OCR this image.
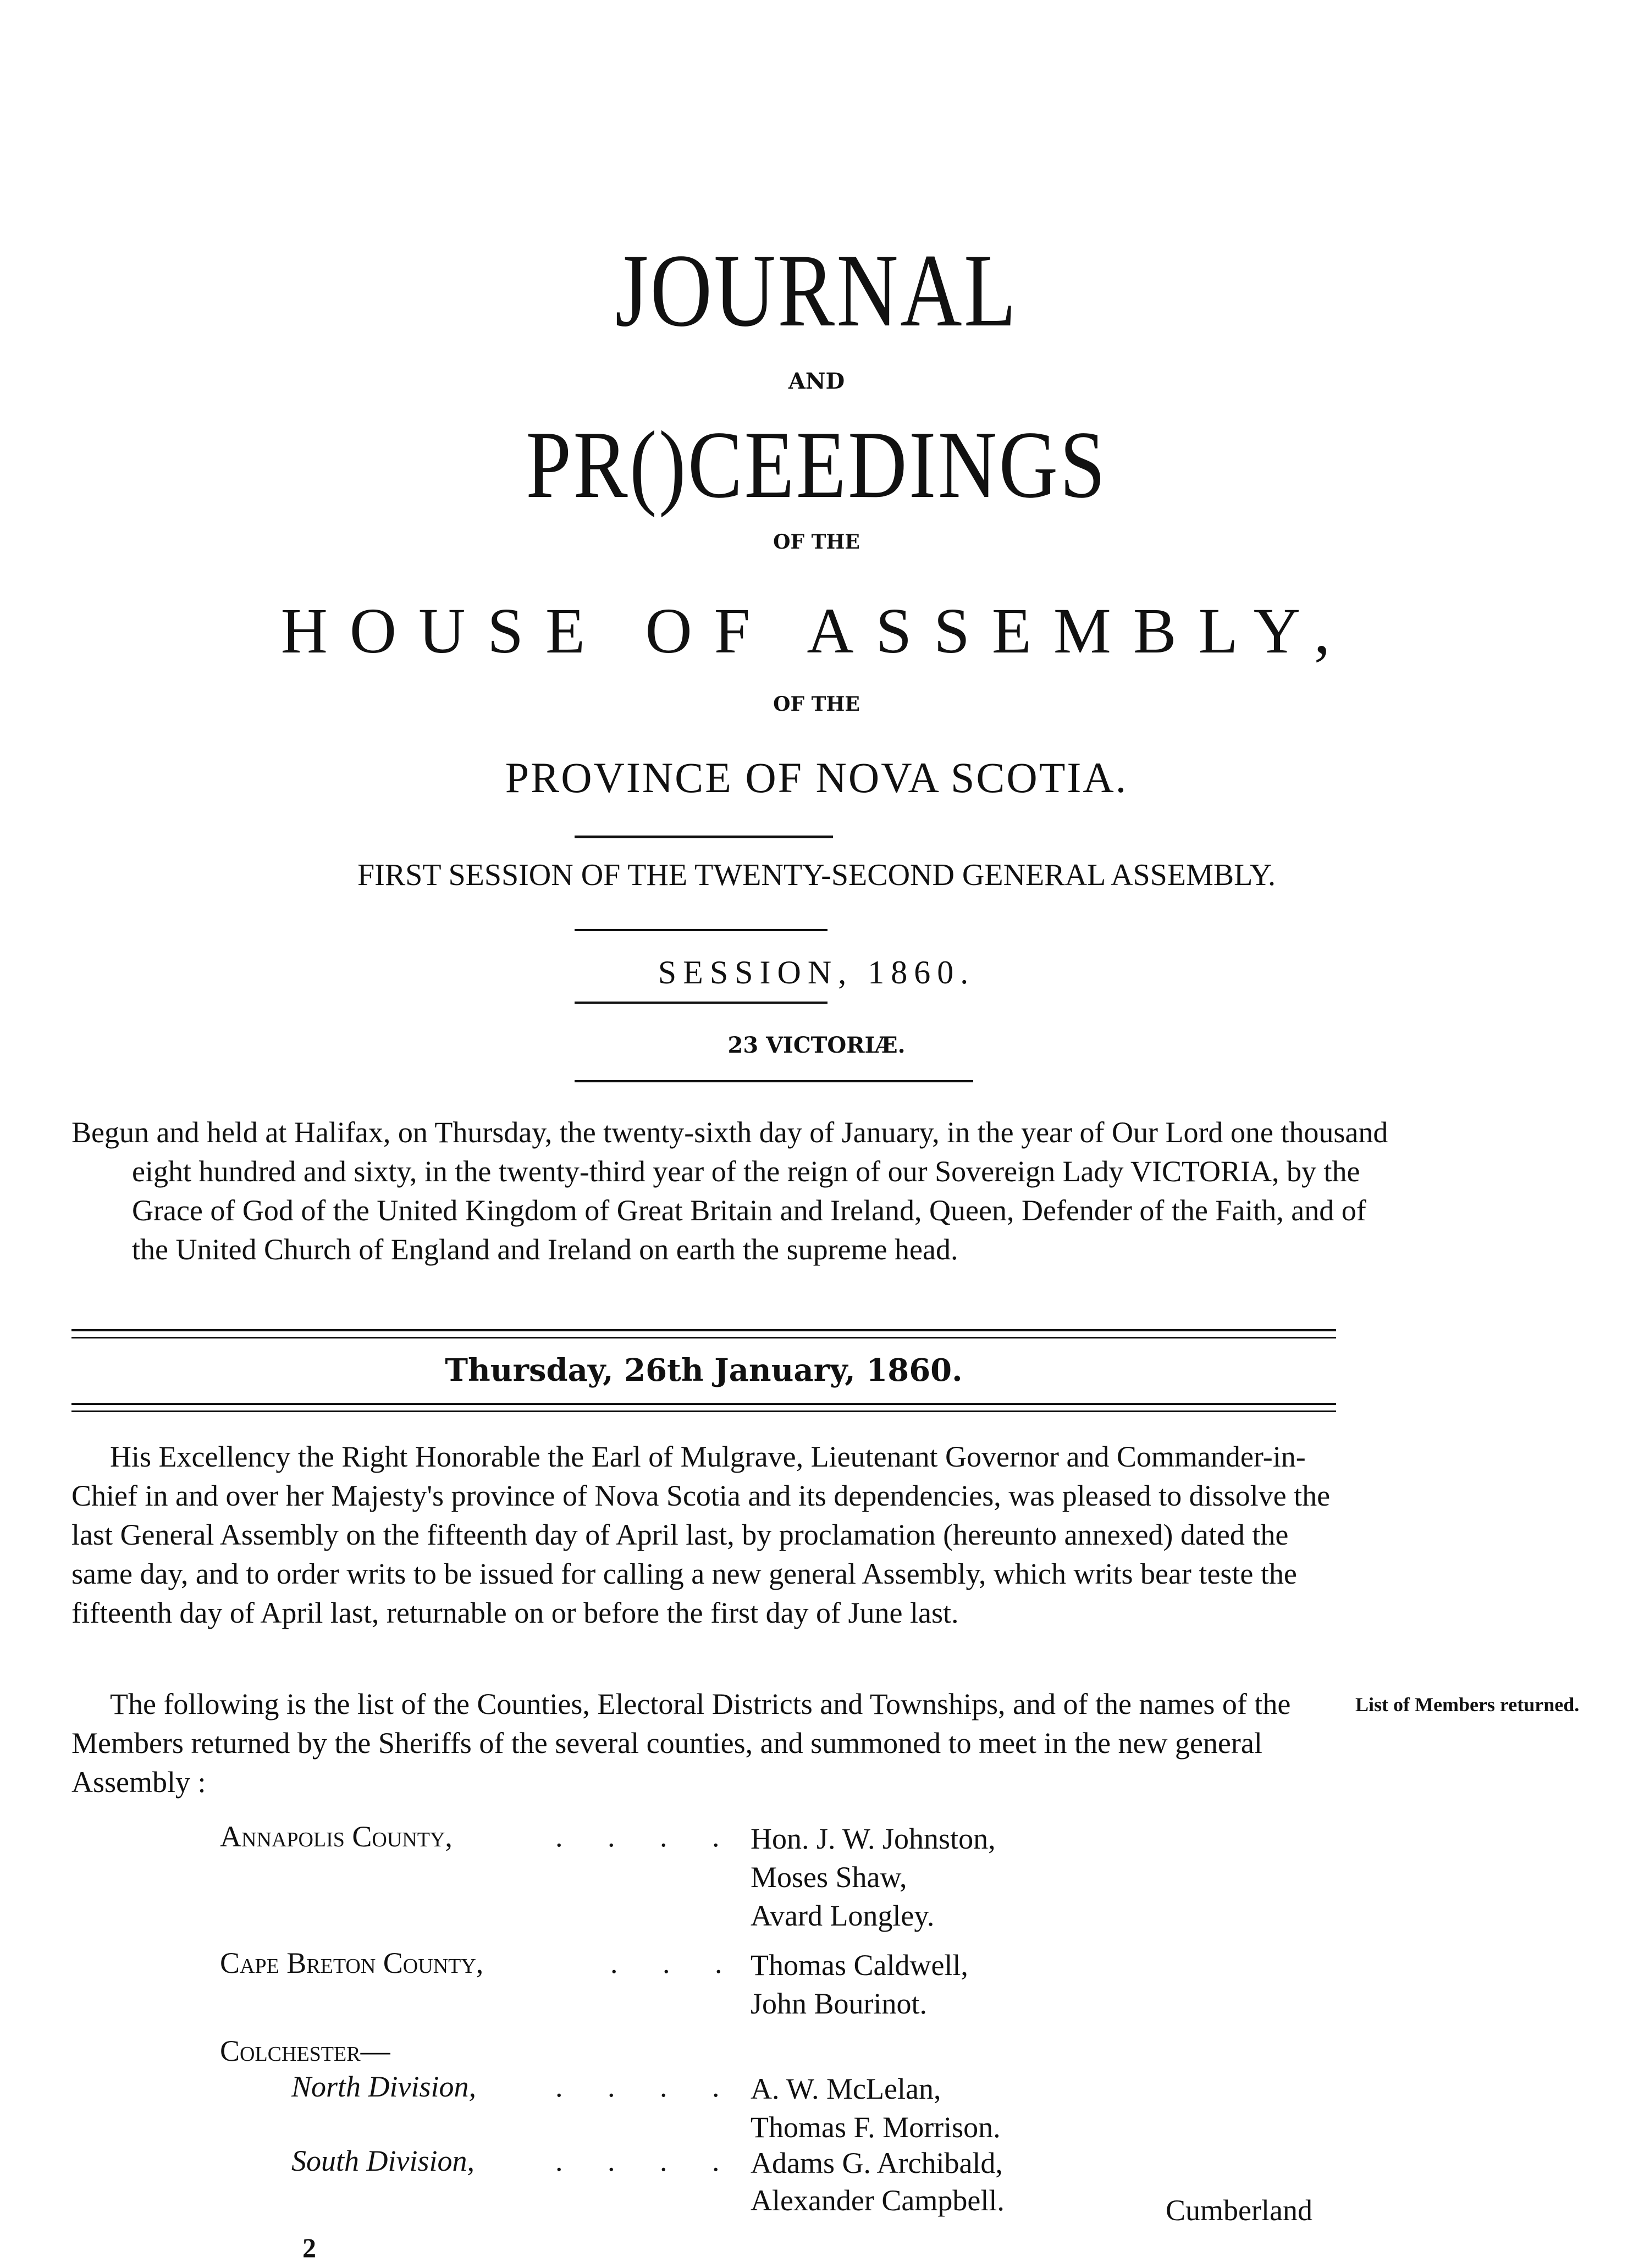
JOURNAL
AND
PR()CEEDINGS
OF THE
HOUSE OF ASSEMBLY,
OF THE
PROVINCE OF NOVA SCOTIA.
FIRST SESSION OF THE TWENTY-SECOND GENERAL ASSEMBLY.
SESSION, 1860.
23 VICTORIÆ.
Begun and held at Halifax, on Thursday, the twenty-sixth day of January, in the year of Our Lord one thousand eight hundred and sixty, in the twenty-third year of the reign of our Sovereign Lady VICTORIA, by the Grace of God of the United Kingdom of Great Britain and Ireland, Queen, Defender of the Faith, and of the United Church of England and Ireland on earth the supreme head.
Thursday, 26th January, 1860.
His Excellency the Right Honorable the Earl of Mulgrave, Lieutenant Governor and Commander-in-Chief in and over her Majesty's province of Nova Scotia and its dependencies, was pleased to dissolve the last General Assembly on the fifteenth day of April last, by proclamation (hereunto annexed) dated the same day, and to order writs to be issued for calling a new general Assembly, which writs bear teste the fifteenth day of April last, returnable on or before the first day of June last.
The following is the list of the Counties, Electoral Districts and Townships, and of the names of the Members returned by the Sheriffs of the several counties, and summoned to meet in the new general Assembly :
List of Members returned.
Annapolis County,	. . . . Hon. J. W. Johnston,
Moses Shaw,
Avard Longley.
Cape Breton County,	. . . Thomas Caldwell,
John Bourinot.
Colchester—
North Division,	. . . . A. W. McLelan,
Thomas F. Morrison.
South Division,	. . . . Adams G. Archibald,
Alexander Campbell.	Cumberland
2
